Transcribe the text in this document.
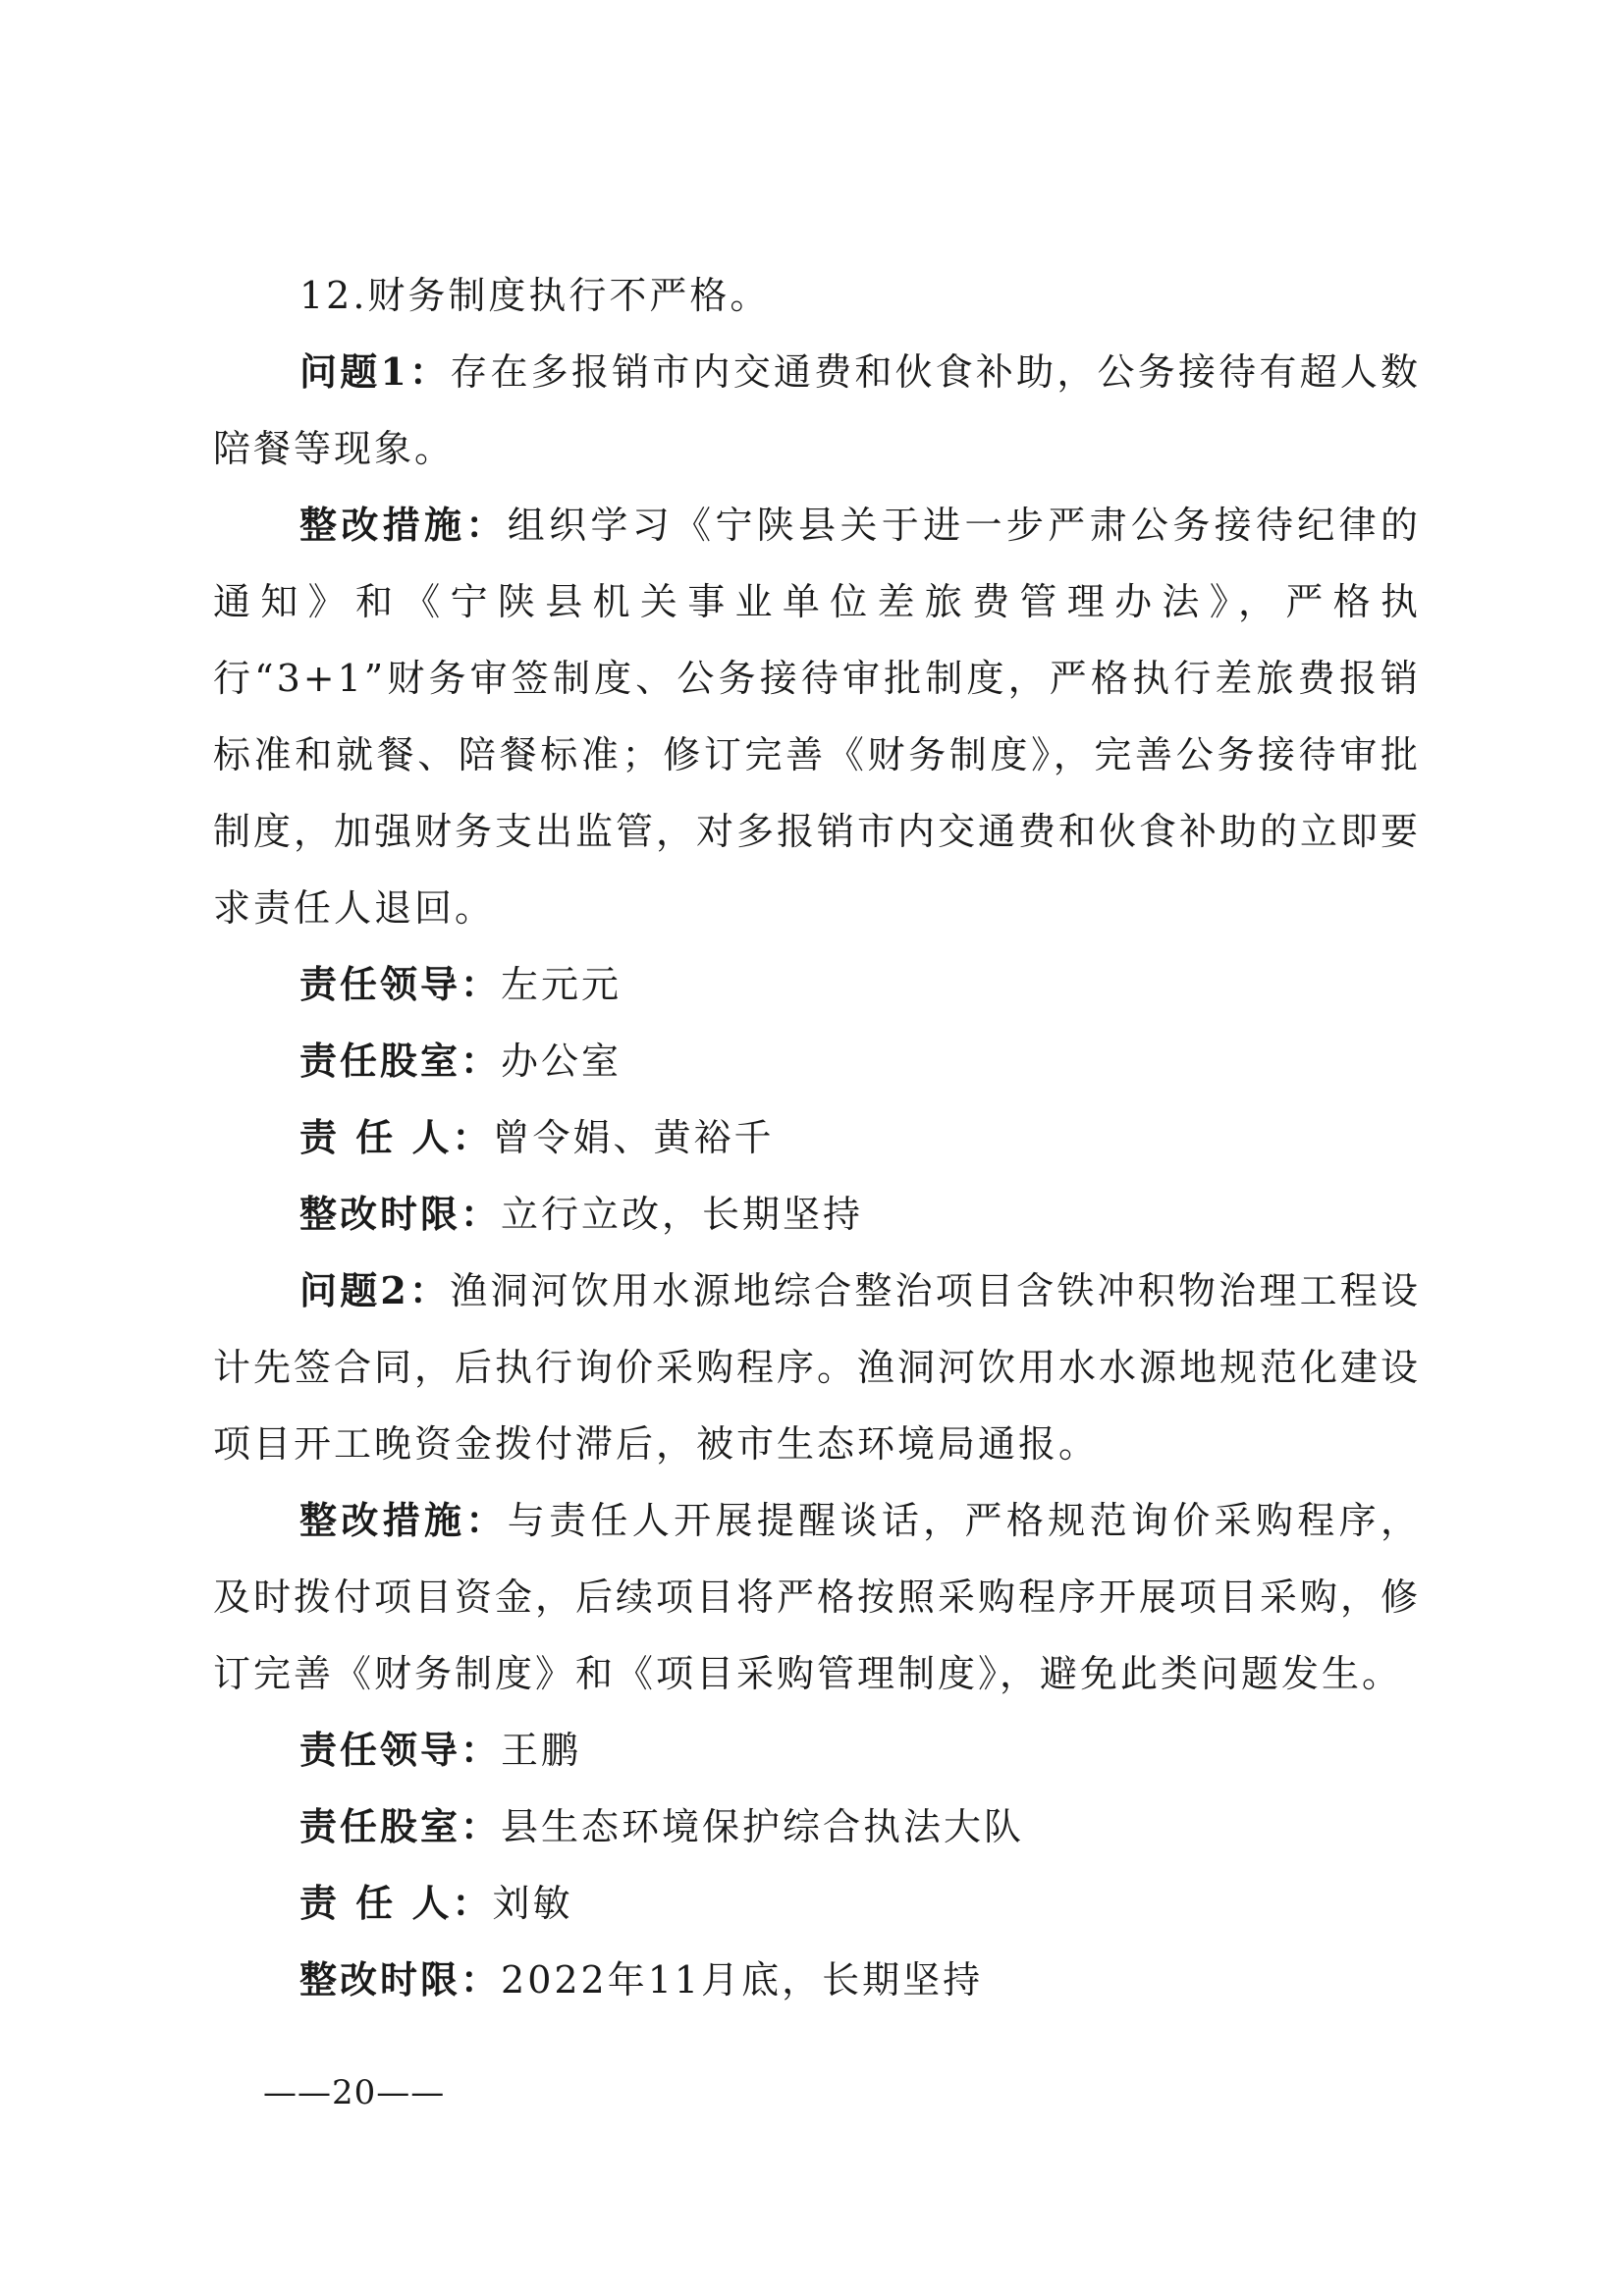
12.财务制度执行不严格。

问题1：存在多报销市内交通费和伙食补助，公务接待有超人数陪餐等现象。

整改措施：组织学习《宁陕县关于进一步严肃公务接待纪律的通知》和《宁陕县机关事业单位差旅费管理办法》，严格执行“3+1”财务审签制度、公务接待审批制度，严格执行差旅费报销标准和就餐、陪餐标准；修订完善《财务制度》，完善公务接待审批制度，加强财务支出监管，对多报销市内交通费和伙食补助的立即要求责任人退回。

责任领导：左元元

责任股室：办公室

责 任 人：曾令娟、黄裕千

整改时限：立行立改，长期坚持

问题2：渔洞河饮用水源地综合整治项目含铁冲积物治理工程设计先签合同，后执行询价采购程序。渔洞河饮用水水源地规范化建设项目开工晚资金拨付滞后，被市生态环境局通报。

整改措施：与责任人开展提醒谈话，严格规范询价采购程序，及时拨付项目资金，后续项目将严格按照采购程序开展项目采购，修订完善《财务制度》和《项目采购管理制度》，避免此类问题发生。

责任领导：王鹏

责任股室：县生态环境保护综合执法大队

责 任 人：刘敏

整改时限：2022年11月底，长期坚持

——20——
